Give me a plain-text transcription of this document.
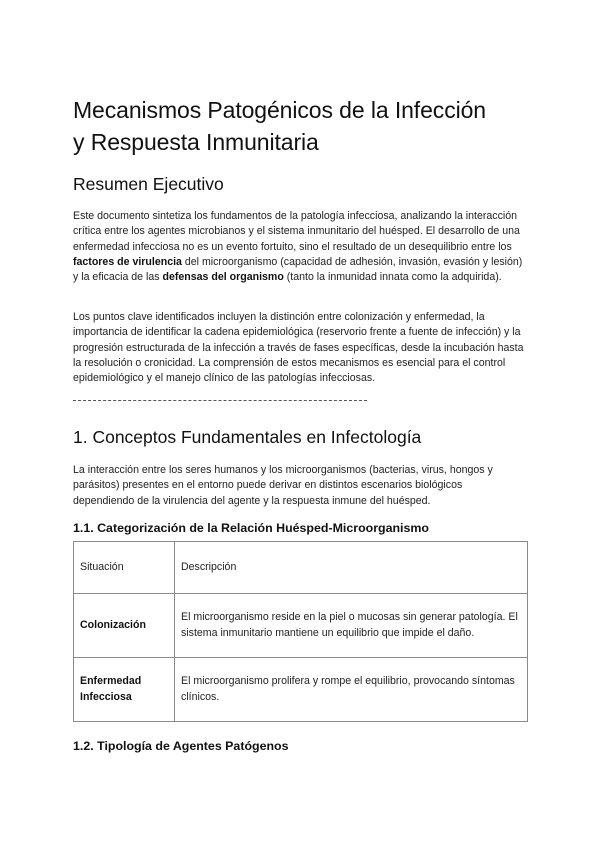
Mecanismos Patogénicos de la Infección
y Respuesta Inmunitaria
Resumen Ejecutivo

Este documento sintetiza los fundamentos de la patología infecciosa, analizando la interacción crítica entre los agentes microbianos y el sistema inmunitario del huésped. El desarrollo de una enfermedad infecciosa no es un evento fortuito, sino el resultado de un desequilibrio entre los factores de virulencia del microorganismo (capacidad de adhesión, invasión, evasión y lesión) y la eficacia de las defensas del organismo (tanto la inmunidad innata como la adquirida).

Los puntos clave identificados incluyen la distinción entre colonización y enfermedad, la importancia de identificar la cadena epidemiológica (reservorio frente a fuente de infección) y la progresión estructurada de la infección a través de fases específicas, desde la incubación hasta la resolución o cronicidad. La comprensión de estos mecanismos es esencial para el control epidemiológico y el manejo clínico de las patologías infecciosas.

1. Conceptos Fundamentales en Infectología

La interacción entre los seres humanos y los microorganismos (bacterias, virus, hongos y parásitos) presentes en el entorno puede derivar en distintos escenarios biológicos dependiendo de la virulencia del agente y la respuesta inmune del huésped.

1.1. Categorización de la Relación Huésped-Microorganismo
Situación	Descripción
Colonización	El microorganismo reside en la piel o mucosas sin generar patología. El sistema inmunitario mantiene un equilibrio que impide el daño.
Enfermedad Infecciosa	El microorganismo prolifera y rompe el equilibrio, provocando síntomas clínicos.
1.2. Tipología de Agentes Patógenos
